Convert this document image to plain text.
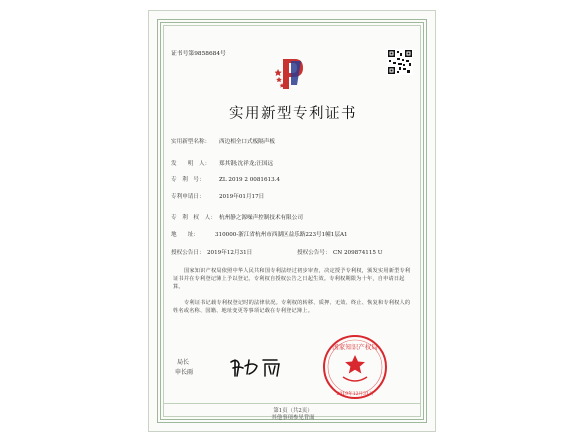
证书号第9858684号
实用新型专利证书
实用新型名称： 西边相全口式板隔声板
发　　明　人： 郑其钢;沈祥龙;汪国远
专　利　号：	ZL 2019 2 0081613.4
专利申请日：	2019年01月17日
专　利　权　人： 杭州静之源噪声控制技术有限公司
地　　址：	310000-浙江省杭州市西湖区益乐路223号1幢1层A1
授权公告日： 2019年12月31日	授权公告号： CN 209874115 U
国家知识产权局依照中华人民共和国专利法经过初步审查，决定授予专利权，颁发实用新型专利证书并在专利登记簿上予以登记。专利权自授权公告之日起生效。专利权期限为十年，自申请日起算。
专利证书记载专利权登记时的法律状况。专利权的转移、质押、无效、终止、恢复和专利权人的姓名或名称、国籍、地址变更等事项记载在专利登记簿上。
局长
申长雨
国家知识产权局
2019年12月31日
第1页（共2页）
其他事项参见背面
